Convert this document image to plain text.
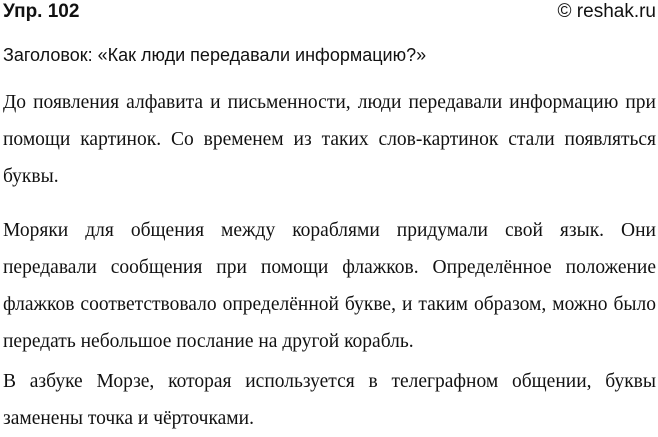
Упр. 102	© reshak.ru
Заголовок: «Как люди передавали информацию?»

До появления алфавита и письменности, люди передавали информацию при помощи картинок. Со временем из таких слов-картинок стали появляться буквы.

Моряки для общения между кораблями придумали свой язык. Они передавали сообщения при помощи флажков. Определённое положение флажков соответствовало определённой букве, и таким образом, можно было передать небольшое послание на другой корабль.

В азбуке Морзе, которая используется в телеграфном общении, буквы заменены точка и чёрточками.
